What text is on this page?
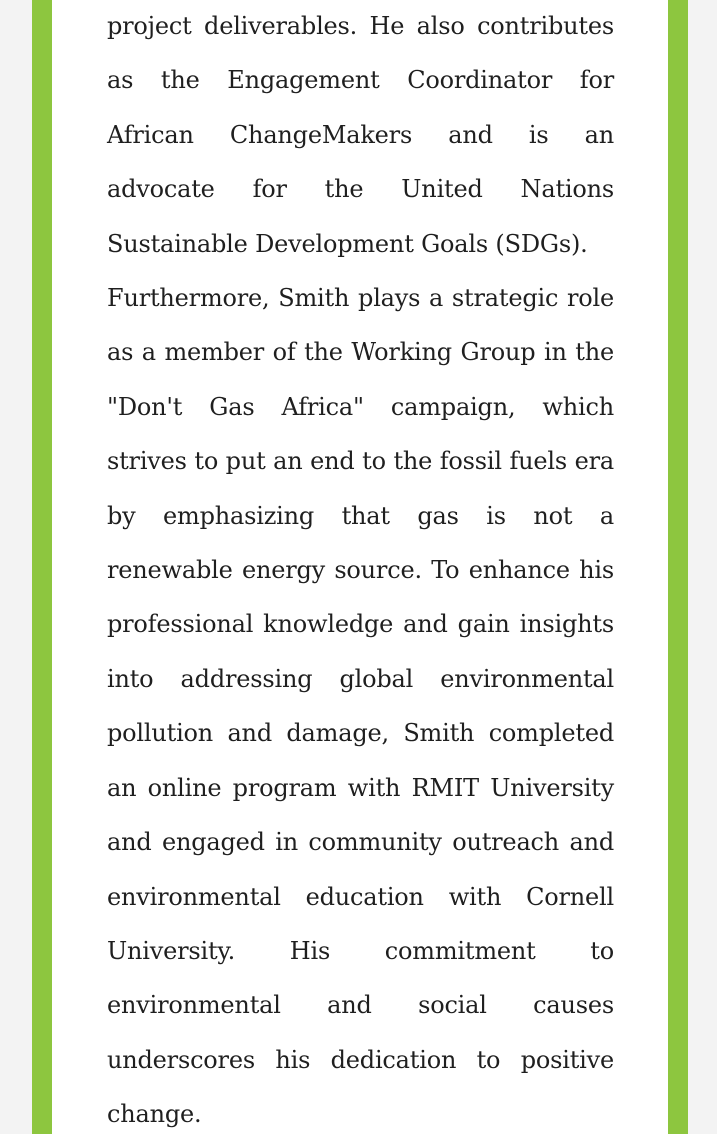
project deliverables. He also contributes as the Engagement Coordinator for African ChangeMakers and is an advocate for the United Nations Sustainable Development Goals (SDGs).

Furthermore, Smith plays a strategic role as a member of the Working Group in the "Don't Gas Africa" campaign, which strives to put an end to the fossil fuels era by emphasizing that gas is not a renewable energy source. To enhance his professional knowledge and gain insights into addressing global environmental pollution and damage, Smith completed an online program with RMIT University and engaged in community outreach and environmental education with Cornell University. His commitment to environmental and social causes underscores his dedication to positive change.
